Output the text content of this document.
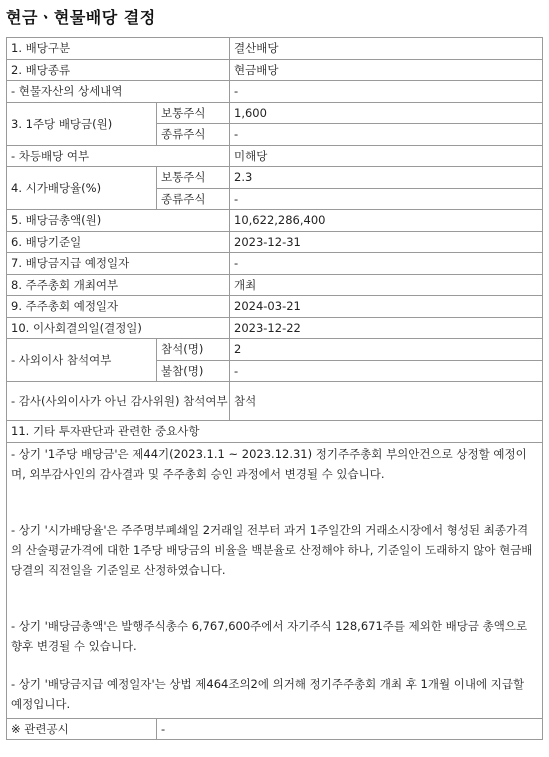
현금ㆍ현물배당 결정
1. 배당구분		결산배당
2. 배당종류		현금배당
- 현물자산의 상세내역		-
3. 1주당 배당금(원)	보통주식	1,600
	종류주식	-
- 차등배당 여부		미해당
4. 시가배당율(%)	보통주식	2.3
	종류주식	-
5. 배당금총액(원)		10,622,286,400
6. 배당기준일		2023-12-31
7. 배당금지급 예정일자		-
8. 주주총회 개최여부		개최
9. 주주총회 예정일자		2024-03-21
10. 이사회결의일(결정일)		2023-12-22
- 사외이사 참석여부	참석(명)	2
	불참(명)	-
- 감사(사외이사가 아닌 감사위원) 참석여부		참석
11. 기타 투자판단과 관련한 중요사항		

- 상기 '1주당 배당금'은 제44기(2023.1.1 ~ 2023.12.31) 정기주주총회 부의안건으로 상정할 예정이며, 외부감사인의 감사결과 및 주주총회 승인 과정에서 변경될 수 있습니다.

- 상기 '시가배당율'은 주주명부폐쇄일 2거래일 전부터 과거 1주일간의 거래소시장에서 형성된 최종가격의 산술평균가격에 대한 1주당 배당금의 비율을 백분율로 산정해야 하나, 기준일이 도래하지 않아 현금배당결의 직전일을 기준일로 산정하였습니다.

- 상기 '배당금총액'은 발행주식총수 6,767,600주에서 자기주식 128,671주를 제외한 배당금 총액으로 향후 변경될 수 있습니다.

- 상기 '배당금지급 예정일자'는 상법 제464조의2에 의거해 정기주주총회 개최 후 1개월 이내에 지급할 예정입니다.		

※ 관련공시	-	
